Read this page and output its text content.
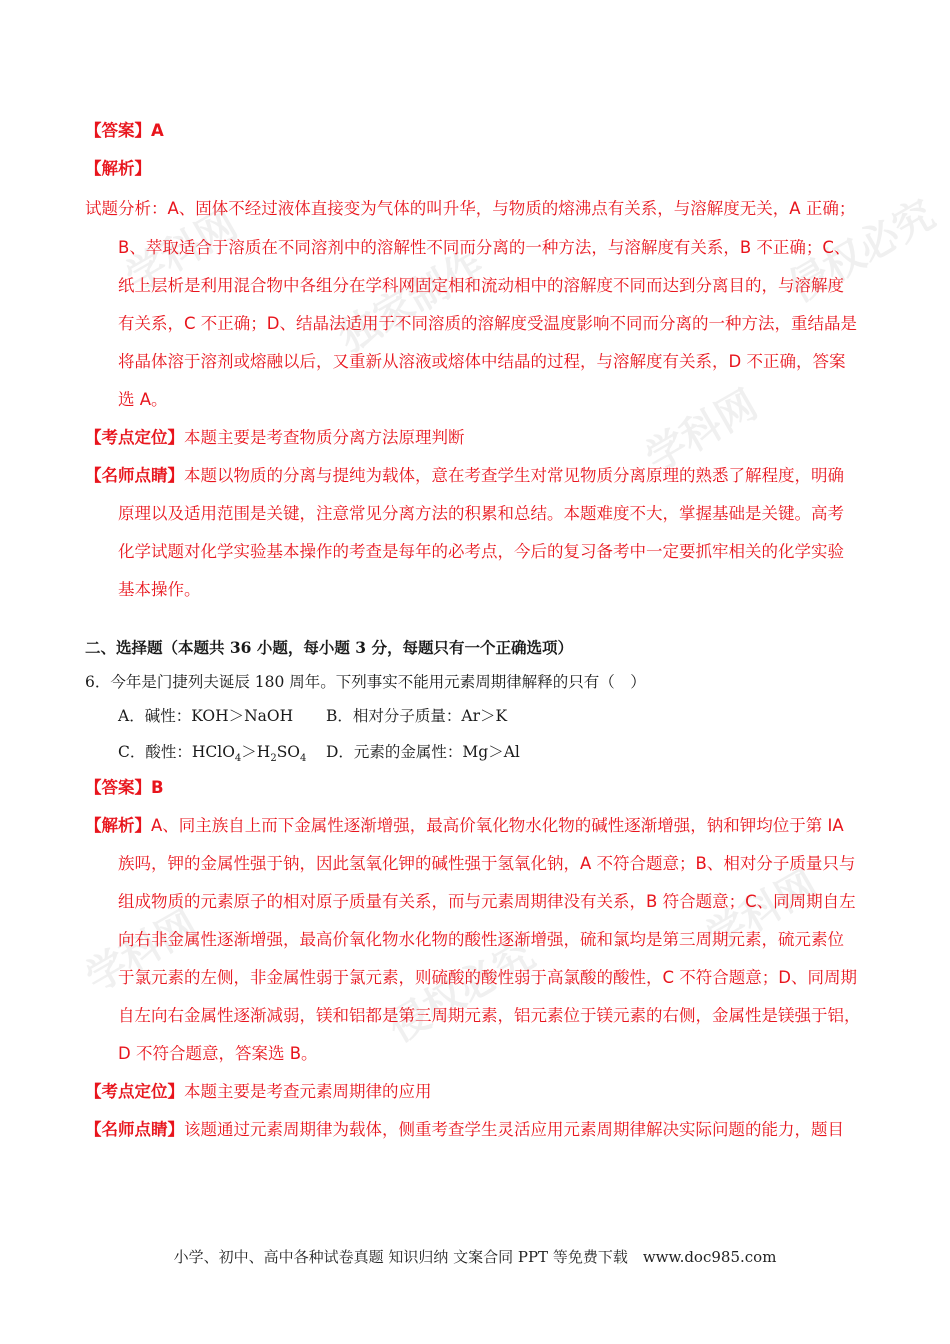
学科网 独家制作
学科网
侵权必究
学科网	学科网
侵权必究
【答案】A
【解析】
试题分析：A、固体不经过液体直接变为气体的叫升华，与物质的熔沸点有关系，与溶解度无关，A 正确；
B、萃取适合于溶质在不同溶剂中的溶解性不同而分离的一种方法，与溶解度有关系，B 不正确；C、
纸上层析是利用混合物中各组分在学科网固定相和流动相中的溶解度不同而达到分离目的，与溶解度
有关系，C 不正确；D、结晶法适用于不同溶质的溶解度受温度影响不同而分离的一种方法，重结晶是
将晶体溶于溶剂或熔融以后，又重新从溶液或熔体中结晶的过程，与溶解度有关系，D 不正确，答案
选 A。
【考点定位】本题主要是考查物质分离方法原理判断
【名师点睛】本题以物质的分离与提纯为载体，意在考查学生对常见物质分离原理的熟悉了解程度，明确
原理以及适用范围是关键，注意常见分离方法的积累和总结。本题难度不大，掌握基础是关键。高考
化学试题对化学实验基本操作的考查是每年的必考点，今后的复习备考中一定要抓牢相关的化学实验
基本操作。
二、选择题（本题共 36 小题，每小题 3 分，每题只有一个正确选项）
6．今年是门捷列夫诞辰 180 周年。下列事实不能用元素周期律解释的只有（　）
A．碱性：KOH＞NaOH B．相对分子质量：Ar＞K
C．酸性：$HClO_4>H_2SO_4$ D．元素的金属性：Mg＞Al
【答案】B
【解析】A、同主族自上而下金属性逐渐增强，最高价氧化物水化物的碱性逐渐增强，钠和钾均位于第 IA
族吗，钾的金属性强于钠，因此氢氧化钾的碱性强于氢氧化钠，A 不符合题意；B、相对分子质量只与
组成物质的元素原子的相对原子质量有关系，而与元素周期律没有关系，B 符合题意；C、同周期自左
向右非金属性逐渐增强，最高价氧化物水化物的酸性逐渐增强，硫和氯均是第三周期元素，硫元素位
于氯元素的左侧，非金属性弱于氯元素，则硫酸的酸性弱于高氯酸的酸性，C 不符合题意；D、同周期
自左向右金属性逐渐减弱，镁和铝都是第三周期元素，铝元素位于镁元素的右侧，金属性是镁强于铝，
D 不符合题意，答案选 B。
【考点定位】本题主要是考查元素周期律的应用
【名师点睛】该题通过元素周期律为载体，侧重考查学生灵活应用元素周期律解决实际问题的能力，题目
小学、初中、高中各种试卷真题 知识归纳 文案合同 PPT 等免费下载　www.doc985.com
